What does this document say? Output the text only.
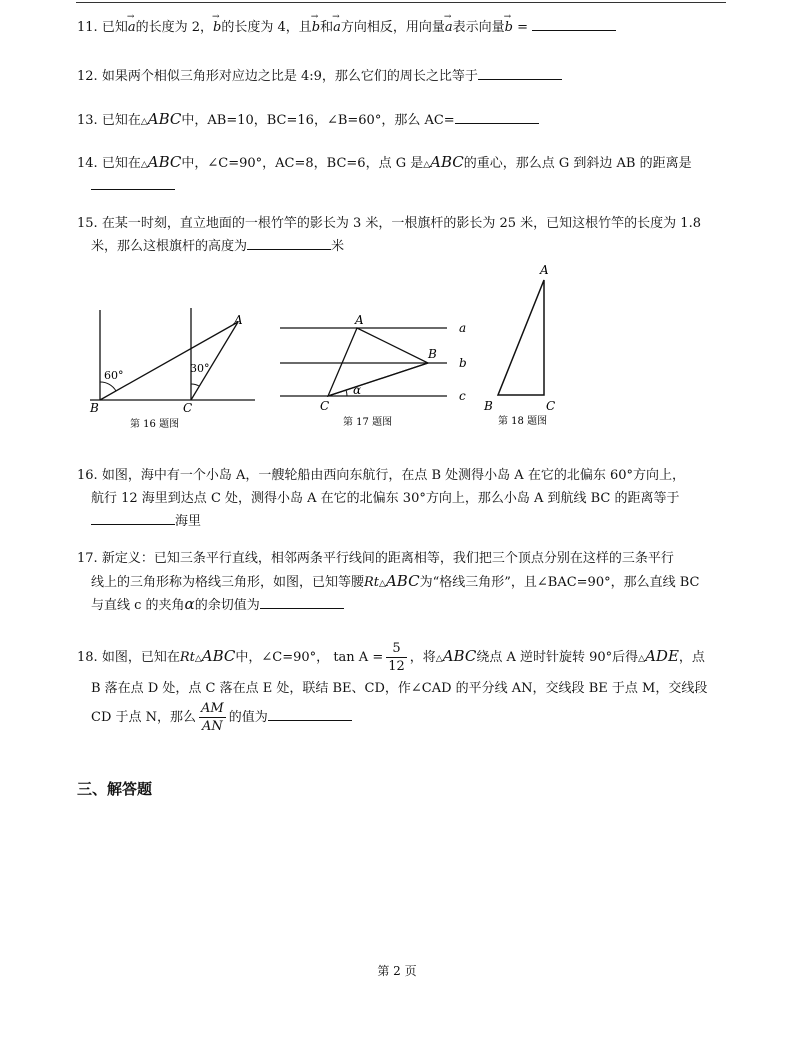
11. 已知→ a的长度为 2，→ b的长度为 4，且→ b和→ a方向相反，用向量→ a表示向量→ b =
12. 如果两个相似三角形对应边之比是 4:9，那么它们的周长之比等于
13. 已知在△ABC中，AB=10，BC=16，∠B=60°，那么 AC=
14. 已知在△ABC中，∠C=90°，AC=8，BC=6，点 G 是△ABC的重心，那么点 G 到斜边 AB 的距离是
15. 在某一时刻，直立地面的一根竹竿的影长为 3 米，一根旗杆的影长为 25 米，已知这根竹竿的长度为 1.8
米，那么这根旗杆的高度为	米
60°
30°
A
B	C
第 16 题图
A
B
C
a
b
c
α
第 17 题图
A
B	C
第 18 题图
16. 如图，海中有一个小岛 A，一艘轮船由西向东航行，在点 B 处测得小岛 A 在它的北偏东 60°方向上，
航行 12 海里到达点 C 处，测得小岛 A 在它的北偏东 30°方向上，那么小岛 A 到航线 BC 的距离等于
海里
17. 新定义：已知三条平行直线，相邻两条平行线间的距离相等，我们把三个顶点分别在这样的三条平行
线上的三角形称为格线三角形，如图，已知等腰Rt△ABC为“格线三角形”，且∠BAC=90°，那么直线 BC
与直线 c 的夹角α的余切值为
18. 如图，已知在Rt△ABC中，∠C=90°， $\tan A = \frac{5}{12}$ ，将△ABC绕点 A 逆时针旋转 90°后得△ADE，点
B 落在点 D 处，点 C 落在点 E 处，联结 BE、CD，作∠CAD 的平分线 AN，交线段 BE 于点 M，交线段
CD 于点 N，那么 $\frac{AM}{AN}$ 的值为
三、解答题
第 2 页
